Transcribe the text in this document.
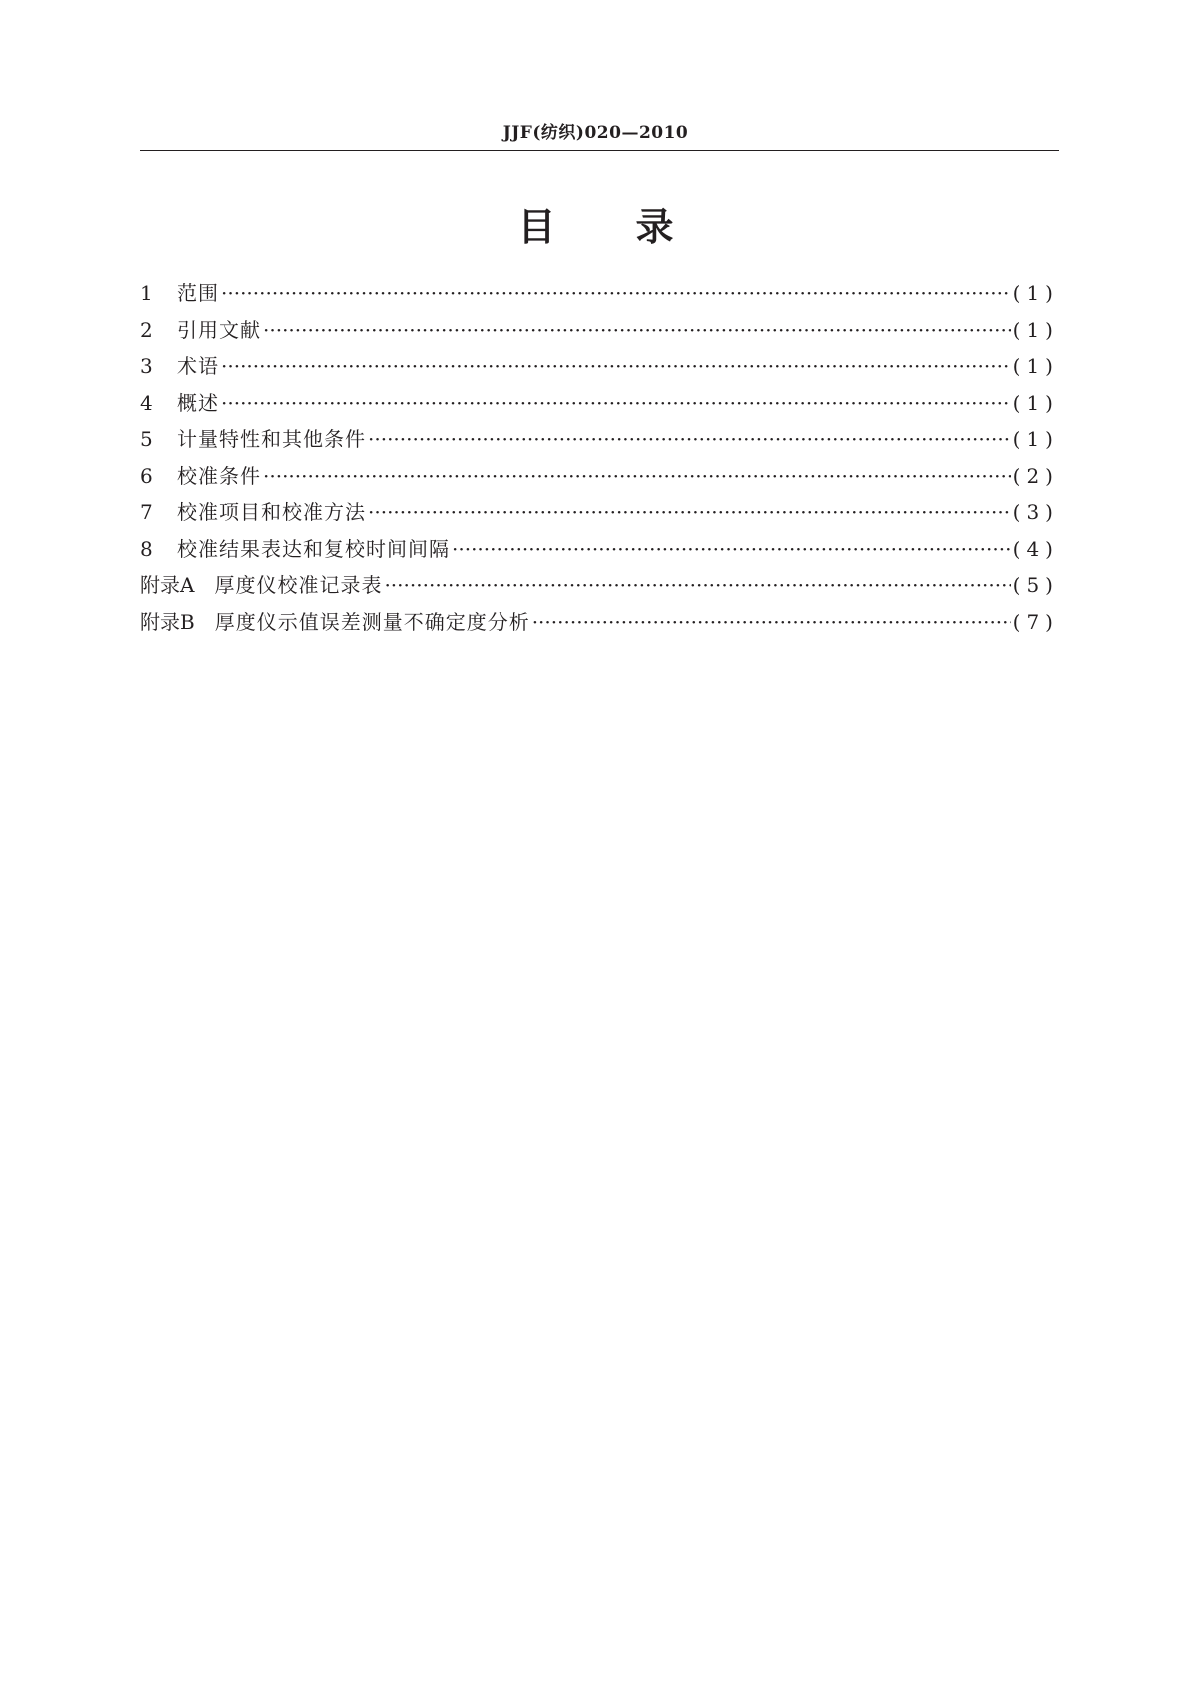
JJF(纺织)020—2010
目录
1	范围 ·····	(1)
2	引用文献 ·····	(1)
3	术语 ·····	(1)
4	概述 ·····	(1)
5	计量特性和其他条件 ·····	(1)
6	校准条件 ·····	(2)
7	校准项目和校准方法 ·····	(3)
8	校准结果表达和复校时间间隔 ·····	(4)
附录A 厚度仪校准记录表 ·····	(5)
附录B 厚度仪示值误差测量不确定度分析 ·····	(7)
